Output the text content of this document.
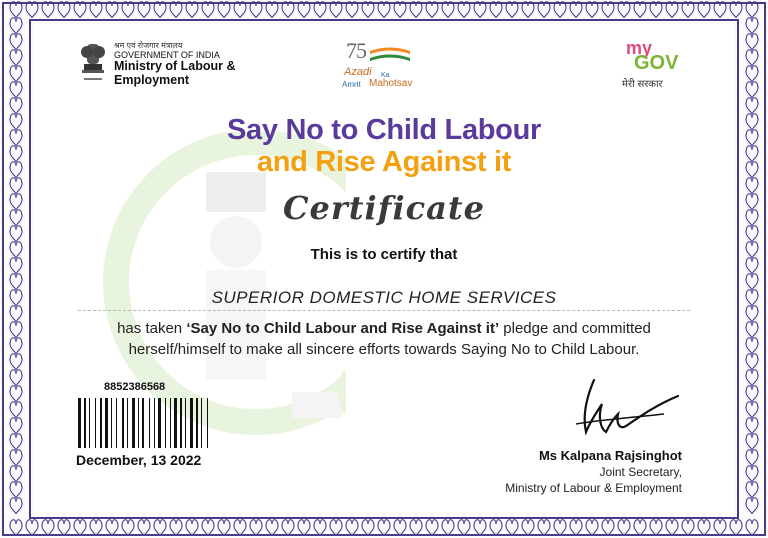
श्रम एवं रोजगार मंत्रालय
GOVERNMENT OF INDIA
Ministry of Labour &
Employment
75
Azadi Ka
Amrit Mahotsav
my
GOV
मेरी सरकार
Say No to Child Labour
and Rise Against it
Certificate
This is to certify that
SUPERIOR DOMESTIC HOME SERVICES
has taken ‘Say No to Child Labour and Rise Against it’ pledge and committed
herself/himself to make all sincere efforts towards Saying No to Child Labour.
8852386568
December, 13 2022	Ms Kalpana Rajsinghot
Joint Secretary,
Ministry of Labour & Employment
